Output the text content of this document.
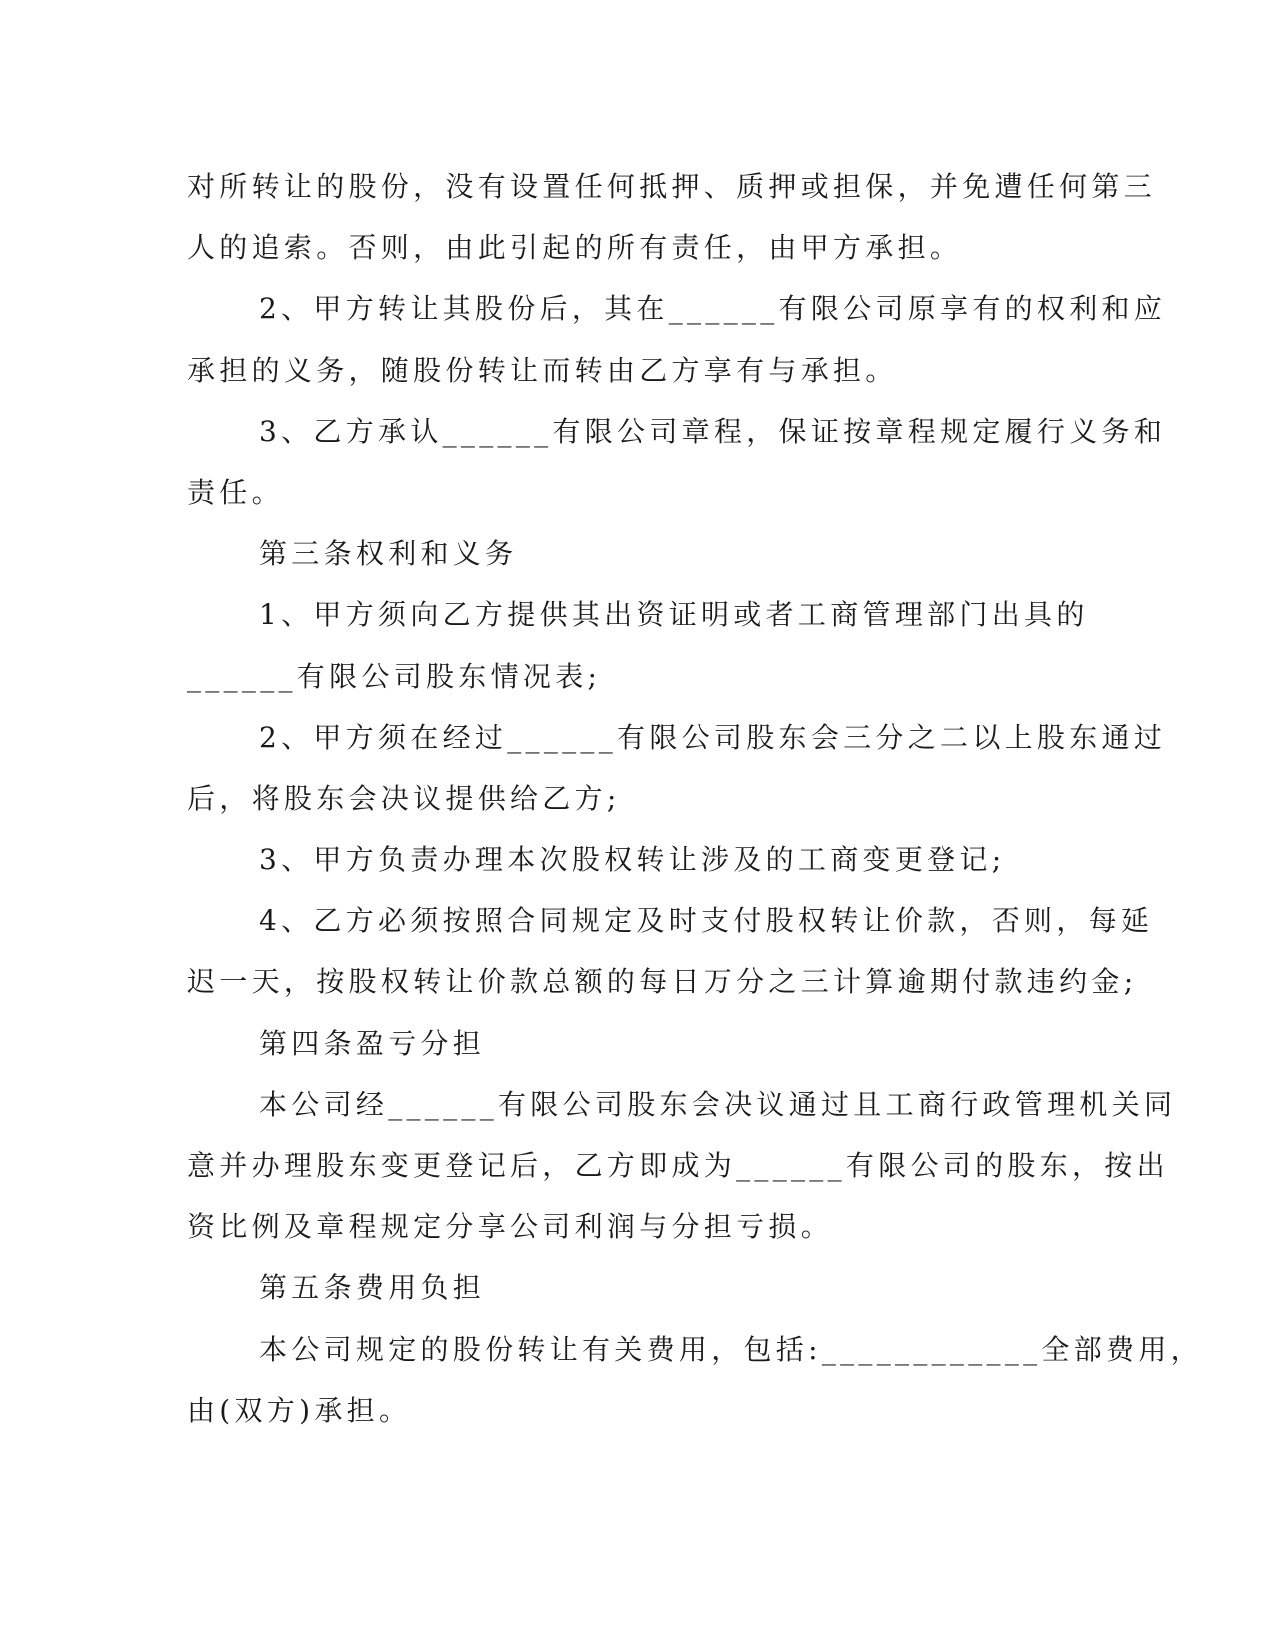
对所转让的股份，没有设置任何抵押、质押或担保，并免遭任何第三
人的追索。否则，由此引起的所有责任，由甲方承担。
2、甲方转让其股份后，其在______有限公司原享有的权利和应
承担的义务，随股份转让而转由乙方享有与承担。
3、乙方承认______有限公司章程，保证按章程规定履行义务和
责任。
第三条权利和义务
1、甲方须向乙方提供其出资证明或者工商管理部门出具的
______有限公司股东情况表;
2、甲方须在经过______有限公司股东会三分之二以上股东通过
后，将股东会决议提供给乙方;
3、甲方负责办理本次股权转让涉及的工商变更登记;
4、乙方必须按照合同规定及时支付股权转让价款，否则，每延
迟一天，按股权转让价款总额的每日万分之三计算逾期付款违约金;
第四条盈亏分担
本公司经______有限公司股东会决议通过且工商行政管理机关同
意并办理股东变更登记后，乙方即成为______有限公司的股东，按出
资比例及章程规定分享公司利润与分担亏损。
第五条费用负担
本公司规定的股份转让有关费用，包括:____________全部费用，
由(双方)承担。
